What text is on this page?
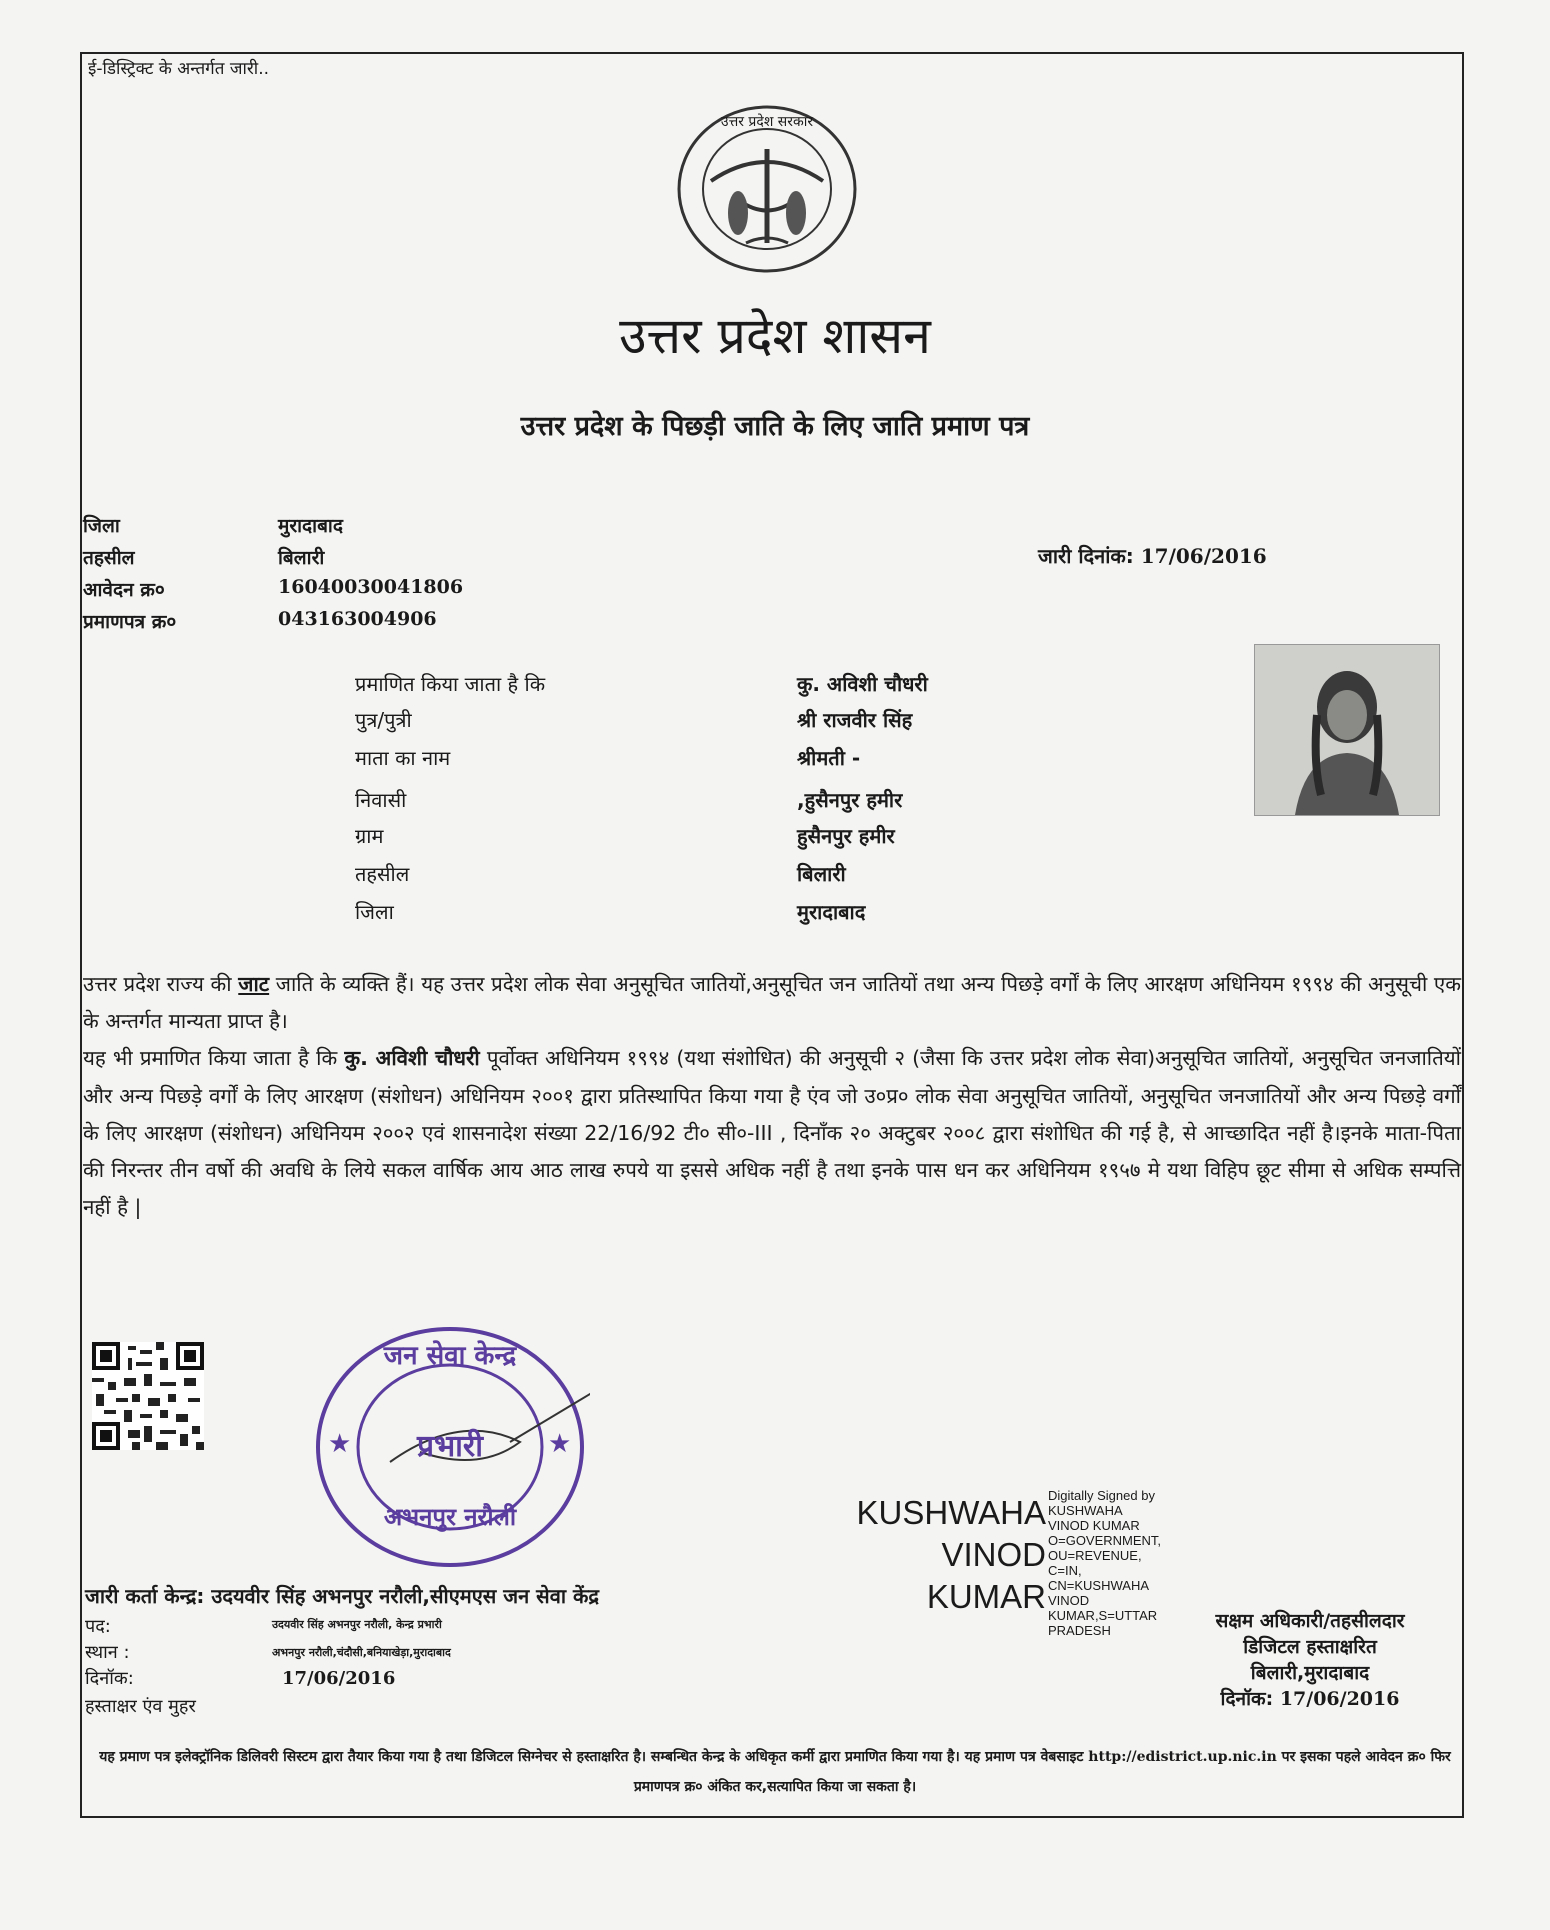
ई-डिस्ट्रिक्ट के अन्तर्गत जारी..
उत्तर प्रदेश सरकार
उत्तर प्रदेश शासन
उत्तर प्रदेश के पिछड़ी जाति के लिए जाति प्रमाण पत्र
जिला	मुरादाबाद
तहसील	बिलारी
आवेदन क्र०	16040030041806
प्रमाणपत्र क्र०	043163004906
जारी दिनांक: 17/06/2016
प्रमाणित किया जाता है कि	कु. अविशी चौधरी
पुत्र/पुत्री	श्री राजवीर सिंह
माता का नाम	श्रीमती -
निवासी	,हुसैनपुर हमीर
ग्राम	हुसैनपुर हमीर
तहसील	बिलारी
जिला	मुरादाबाद

उत्तर प्रदेश राज्य की जाट जाति के व्यक्ति हैं। यह उत्तर प्रदेश लोक सेवा अनुसूचित जातियों,अनुसूचित जन जातियों तथा अन्य पिछड़े वर्गों के लिए आरक्षण अधिनियम १९९४ की अनुसूची एक के अन्तर्गत मान्यता प्राप्त है।

यह भी प्रमाणित किया जाता है कि कु. अविशी चौधरी पूर्वोक्त अधिनियम १९९४ (यथा संशोधित) की अनुसूची २ (जैसा कि उत्तर प्रदेश लोक सेवा)अनुसूचित जातियों, अनुसूचित जनजातियों और अन्य पिछड़े वर्गों के लिए आरक्षण (संशोधन) अधिनियम २००१ द्वारा प्रतिस्थापित किया गया है एंव जो उ०प्र० लोक सेवा अनुसूचित जातियों, अनुसूचित जनजातियों और अन्य पिछड़े वर्गों के लिए आरक्षण (संशोधन) अधिनियम २००२ एवं शासनादेश संख्या 22/16/92 टी० सी०-III , दिनाँक २० अक्टुबर २००८ द्वारा संशोधित की गई है, से आच्छादित नहीं है।इनके माता-पिता की निरन्तर तीन वर्षो की अवधि के लिये सकल वार्षिक आय आठ लाख रुपये या इससे अधिक नहीं है तथा इनके पास धन कर अधिनियम १९५७ मे यथा विहिप छूट सीमा से अधिक सम्पत्ति नहीं है |

★	★
जन सेवा केन्द्र
प्रभारी
अभनपुर नरौली	KUSHWAHA
VINOD
KUMAR
Digitally Signed by
KUSHWAHA
VINOD KUMAR
O=GOVERNMENT,
OU=REVENUE,
C=IN,
CN=KUSHWAHA
VINOD
KUMAR,S=UTTAR
PRADESH
जारी कर्ता केन्द्र: उदयवीर सिंह अभनपुर नरौली,सीएमएस जन सेवा केंद्र
पद:	उदयवीर सिंह अभनपुर नरौली, केन्द्र प्रभारी
स्थान :	अभनपुर नरौली,चंदौसी,बनियाखेड़ा,मुरादाबाद
दिनॉक:	17/06/2016
हस्ताक्षर एंव मुहर
सक्षम अधिकारी/तहसीलदार
डिजिटल हस्ताक्षरित
बिलारी,मुरादाबाद
दिनॉक: 17/06/2016
यह प्रमाण पत्र इलेक्ट्रॉनिक डिलिवरी सिस्टम द्वारा तैयार किया गया है तथा डिजिटल सिग्नेचर से हस्ताक्षरित है। सम्बन्धित केन्द्र के अधिकृत कर्मी द्वारा प्रमाणित किया गया है। यह प्रमाण पत्र वेबसाइट http://edistrict.up.nic.in पर इसका पहले आवेदन क्र० फिर प्रमाणपत्र क्र० अंकित कर,सत्यापित किया जा सकता है।
